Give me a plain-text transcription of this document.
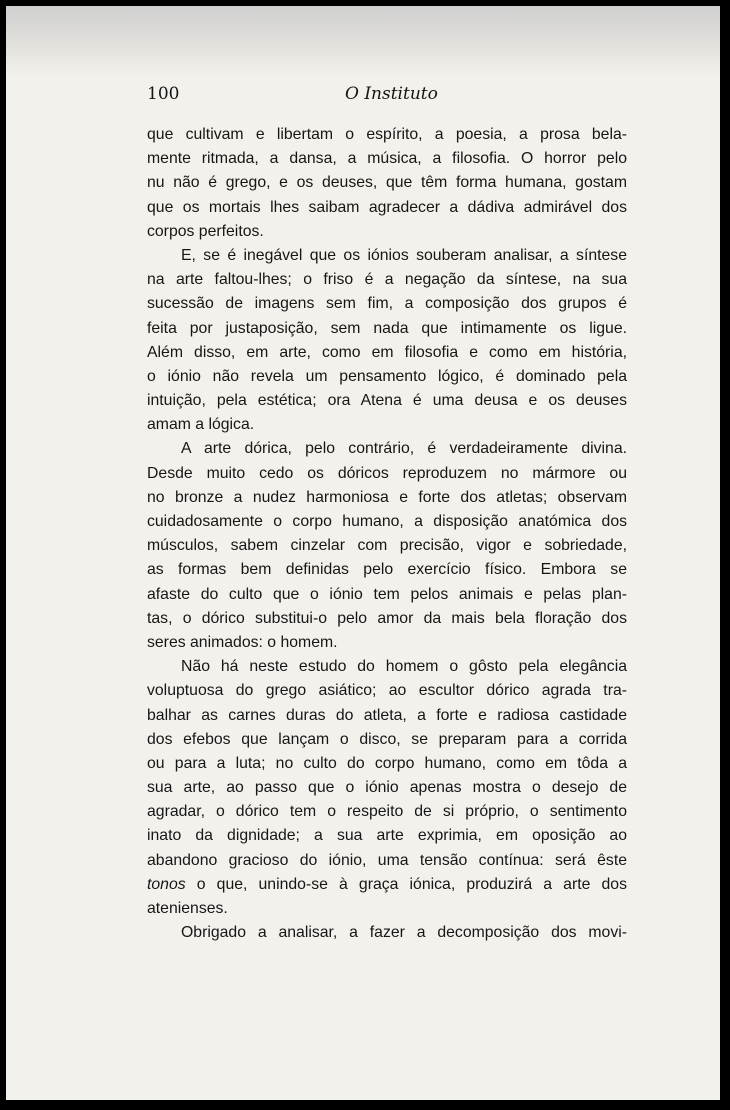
100	O Instituto
que cultivam e libertam o espírito, a poesia, a prosa bela-
mente ritmada, a dansa, a música, a filosofia. O horror pelo
nu não é grego, e os deuses, que têm forma humana, gostam
que os mortais lhes saibam agradecer a dádiva admirável dos
corpos perfeitos.
E, se é inegável que os iónios souberam analisar, a síntese
na arte faltou-lhes; o friso é a negação da síntese, na sua
sucessão de imagens sem fim, a composição dos grupos é
feita por justaposição, sem nada que intimamente os ligue.
Além disso, em arte, como em filosofia e como em história,
o iónio não revela um pensamento lógico, é dominado pela
intuição, pela estética; ora Atena é uma deusa e os deuses
amam a lógica.
A arte dórica, pelo contrário, é verdadeiramente divina.
Desde muito cedo os dóricos reproduzem no mármore ou
no bronze a nudez harmoniosa e forte dos atletas; observam
cuidadosamente o corpo humano, a disposição anatómica dos
músculos, sabem cinzelar com precisão, vigor e sobriedade,
as formas bem definidas pelo exercício físico. Embora se
afaste do culto que o iónio tem pelos animais e pelas plan-
tas, o dórico substitui-o pelo amor da mais bela floração dos
seres animados: o homem.
Não há neste estudo do homem o gôsto pela elegância
voluptuosa do grego asiático; ao escultor dórico agrada tra-
balhar as carnes duras do atleta, a forte e radiosa castidade
dos efebos que lançam o disco, se preparam para a corrida
ou para a luta; no culto do corpo humano, como em tôda a
sua arte, ao passo que o iónio apenas mostra o desejo de
agradar, o dórico tem o respeito de si próprio, o sentimento
inato da dignidade; a sua arte exprimia, em oposição ao
abandono gracioso do iónio, uma tensão contínua: será êste
tonos o que, unindo-se à graça iónica, produzirá a arte dos
atenienses.
Obrigado a analisar, a fazer a decomposição dos movi-
